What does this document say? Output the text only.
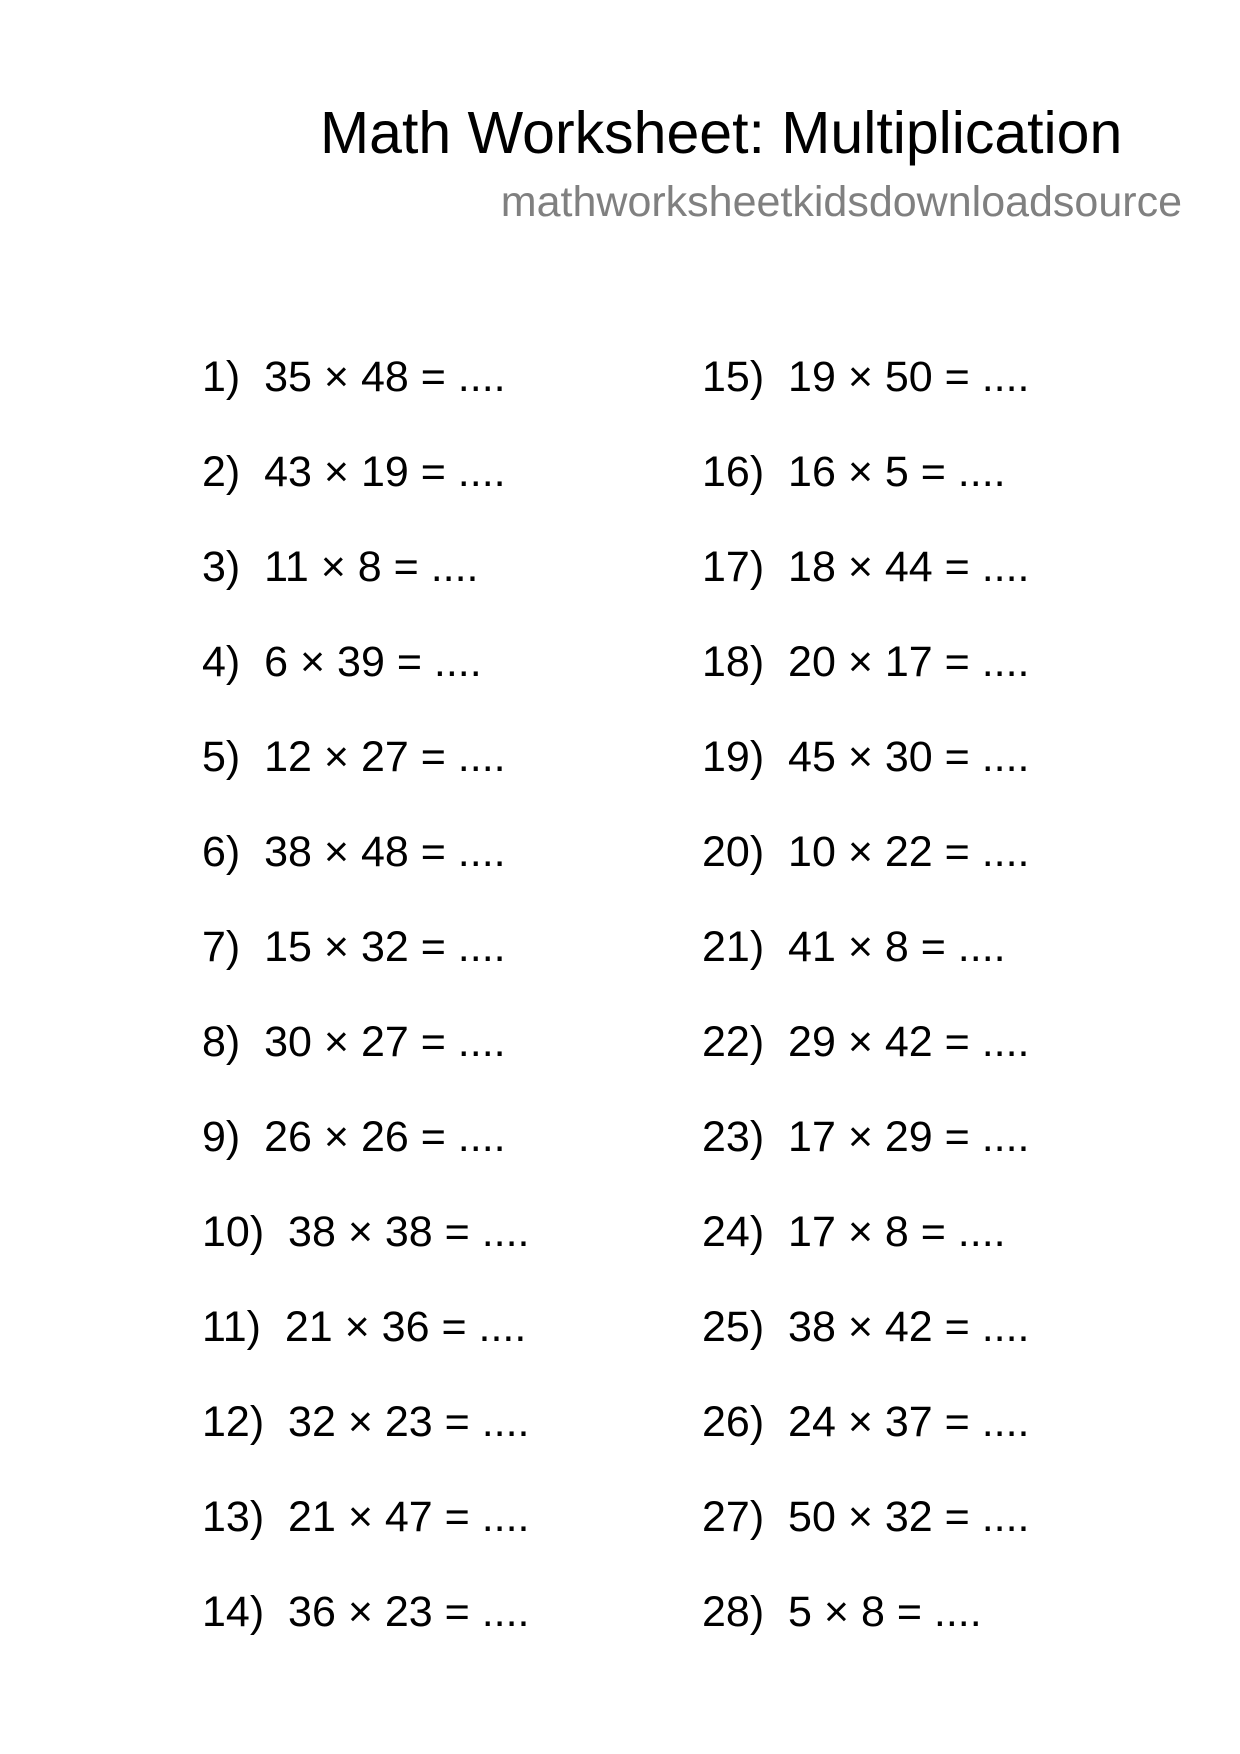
Math Worksheet: Multiplication
mathworksheetkidsdownloadsource
1)  35 × 48 = ....
2)  43 × 19 = ....
3)  11 × 8 = ....
4)  6 × 39 = ....
5)  12 × 27 = ....
6)  38 × 48 = ....
7)  15 × 32 = ....
8)  30 × 27 = ....
9)  26 × 26 = ....
10)  38 × 38 = ....
11)  21 × 36 = ....
12)  32 × 23 = ....
13)  21 × 47 = ....
14)  36 × 23 = ....
15)  19 × 50 = ....
16)  16 × 5 = ....
17)  18 × 44 = ....
18)  20 × 17 = ....
19)  45 × 30 = ....
20)  10 × 22 = ....
21)  41 × 8 = ....
22)  29 × 42 = ....
23)  17 × 29 = ....
24)  17 × 8 = ....
25)  38 × 42 = ....
26)  24 × 37 = ....
27)  50 × 32 = ....
28)  5 × 8 = ....
